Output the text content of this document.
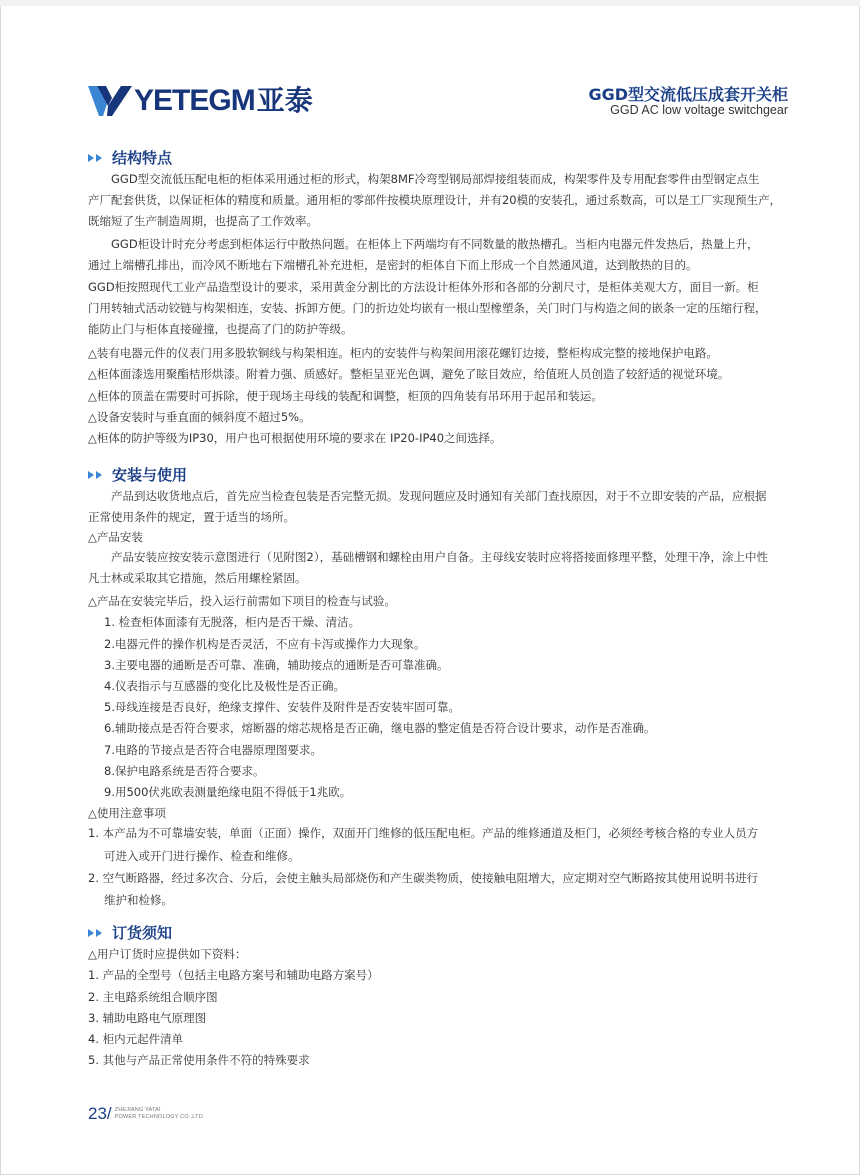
YETEGM 亚泰	GGD型交流低压成套开关柜
GGD AC low voltage switchgear
结构特点
GGD型交流低压配电柜的柜体采用通过柜的形式，构架8MF冷弯型钢局部焊接组装而成，构架零件及专用配套零件由型钢定点生
产厂配套供货，以保证柜体的精度和质量。通用柜的零部件按模块原理设计，并有20模的安装孔，通过系数高，可以是工厂实现预生产，
既缩短了生产制造周期，也提高了工作效率。
GGD柜设计时充分考虑到柜体运行中散热问题。在柜体上下两端均有不同数量的散热槽孔。当柜内电器元件发热后，热量上升，
通过上端槽孔排出，而冷风不断地右下端槽孔补充进柜，是密封的柜体自下而上形成一个自然通风道，达到散热的目的。
GGD柜按照现代工业产品造型设计的要求，采用黄金分割比的方法设计柜体外形和各部的分割尺寸，是柜体美观大方，面目一新。柜
门用转轴式活动铰链与构架相连，安装、拆卸方便。门的折边处均嵌有一根山型橡塑条，关门时门与构造之间的嵌条一定的压缩行程，
能防止门与柜体直接碰撞，也提高了门的防护等级。
△装有电器元件的仪表门用多股软铜线与构架相连。柜内的安装件与构架间用滚花螺钉边接，整柜构成完整的接地保护电路。
△柜体面漆选用聚酯桔形烘漆。附着力强、质感好。整柜呈亚光色调，避免了眩目效应，给值班人员创造了较舒适的视觉环境。
△柜体的顶盖在需要时可拆除，便于现场主母线的装配和调整，柜顶的四角装有吊环用于起吊和装运。
△设备安装时与垂直面的倾斜度不超过5%。
△柜体的防护等级为IP30，用户也可根据使用环境的要求在 IP20-IP40之间选择。
安装与使用
产品到达收货地点后，首先应当检查包装是否完整无损。发现问题应及时通知有关部门查找原因，对于不立即安装的产品，应根据
正常使用条件的规定，置于适当的场所。
△产品安装
产品安装应按安装示意图进行（见附图2），基础槽钢和螺栓由用户自备。主母线安装时应将搭接面修理平整，处理干净，涂上中性
凡士林或采取其它措施，然后用螺栓紧固。
△产品在安装完毕后，投入运行前需如下项目的检查与试验。
1. 检查柜体面漆有无脱落，柜内是否干燥、清洁。
2.电器元件的操作机构是否灵活，不应有卡泻或操作力大现象。
3.主要电器的通断是否可靠、准确，辅助接点的通断是否可靠准确。
4.仪表指示与互感器的变化比及极性是否正确。
5.母线连接是否良好，绝缘支撑件、安装件及附件是否安装牢固可靠。
6.辅助接点是否符合要求，熔断器的熔芯规格是否正确，继电器的整定值是否符合设计要求，动作是否准确。
7.电路的节接点是否符合电器原理图要求。
8.保护电路系统是否符合要求。
9.用500伏兆欧表测量绝缘电阻不得低于1兆欧。
△使用注意事项
1. 本产品为不可靠墙安装，单面（正面）操作，双面开门维修的低压配电柜。产品的维修通道及柜门，必须经考核合格的专业人员方
可进入或开门进行操作、检查和维修。
2. 空气断路器，经过多次合、分后，会使主触头局部烧伤和产生碳类物质，使接触电阻增大，应定期对空气断路按其使用说明书进行
维护和检修。
订货须知
△用户订货时应提供如下资料：
1. 产品的全型号（包括主电路方案号和辅助电路方案号）
2. 主电路系统组合顺序图
3. 辅助电路电气原理图
4. 柜内元起件清单
5. 其他与产品正常使用条件不符的特殊要求
23/ ZHEJIANG YATAI
POWER TECHNOLOGY CO.,LTD.
